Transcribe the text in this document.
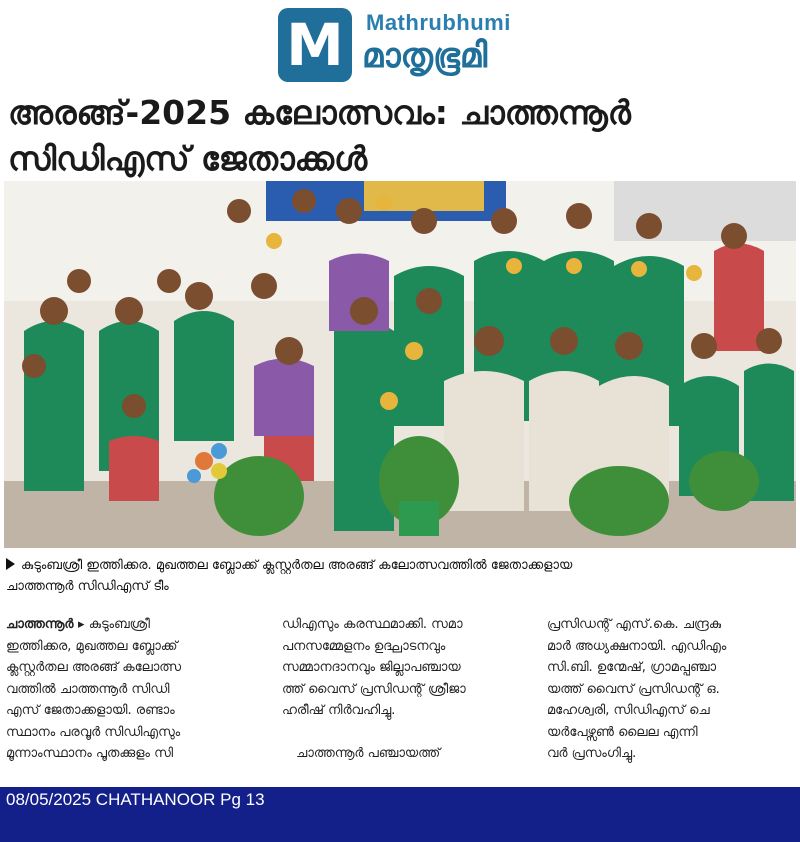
M Mathrubhumi
മാതൃഭൂമി
അരങ്ങ്-2025 കലോത്സവം: ചാത്തന്നൂർ
സിഡിഎസ് ജേതാക്കൾ
കുടുംബശ്രീ ഇത്തിക്കര. മുഖത്തല ബ്ലോക്ക് ക്ലസ്റ്റർതല അരങ്ങ് കലോത്സവത്തിൽ ജേതാക്കളായ
ചാത്തന്നൂർ സിഡിഎസ് ടീം
ചാത്തന്നൂർ ▸ കുടുംബശ്രീ
ഇത്തിക്കര, മുഖത്തല ബ്ലോക്ക്
ക്ലസ്റ്റർതല അരങ്ങ് കലോത്സ
വത്തിൽ ചാത്തന്നൂർ സിഡി
എസ് ജേതാക്കളായി. രണ്ടാം
സ്ഥാനം പരവൂർ സിഡിഎസും
മൂന്നാംസ്ഥാനം പൂതക്കുളം സി
ഡിഎസും കരസ്ഥമാക്കി. സമാ
പനസമ്മേളനം ഉദ്ഘാടനവും
സമ്മാനദാനവും ജില്ലാപഞ്ചായ
ത്ത് വൈസ് പ്രസിഡന്റ് ശ്രീജാ
ഹരീഷ് നിർവഹിച്ചു.

ചാത്തന്നൂർ പഞ്ചായത്ത്
പ്രസിഡന്റ് എസ്.കെ. ചന്ദ്രകു
മാർ അധ്യക്ഷനായി. എഡിഎം
സി.ബി. ഉന്മേഷ്, ഗ്രാമപ്പഞ്ചാ
യത്ത് വൈസ് പ്രസിഡന്റ് ഒ.
മഹേശ്വരി, സിഡിഎസ് ചെ
യർപേഴ്സൺ ലൈല എന്നി
വർ പ്രസംഗിച്ചു.
08/05/2025 CHATHANOOR Pg 13
